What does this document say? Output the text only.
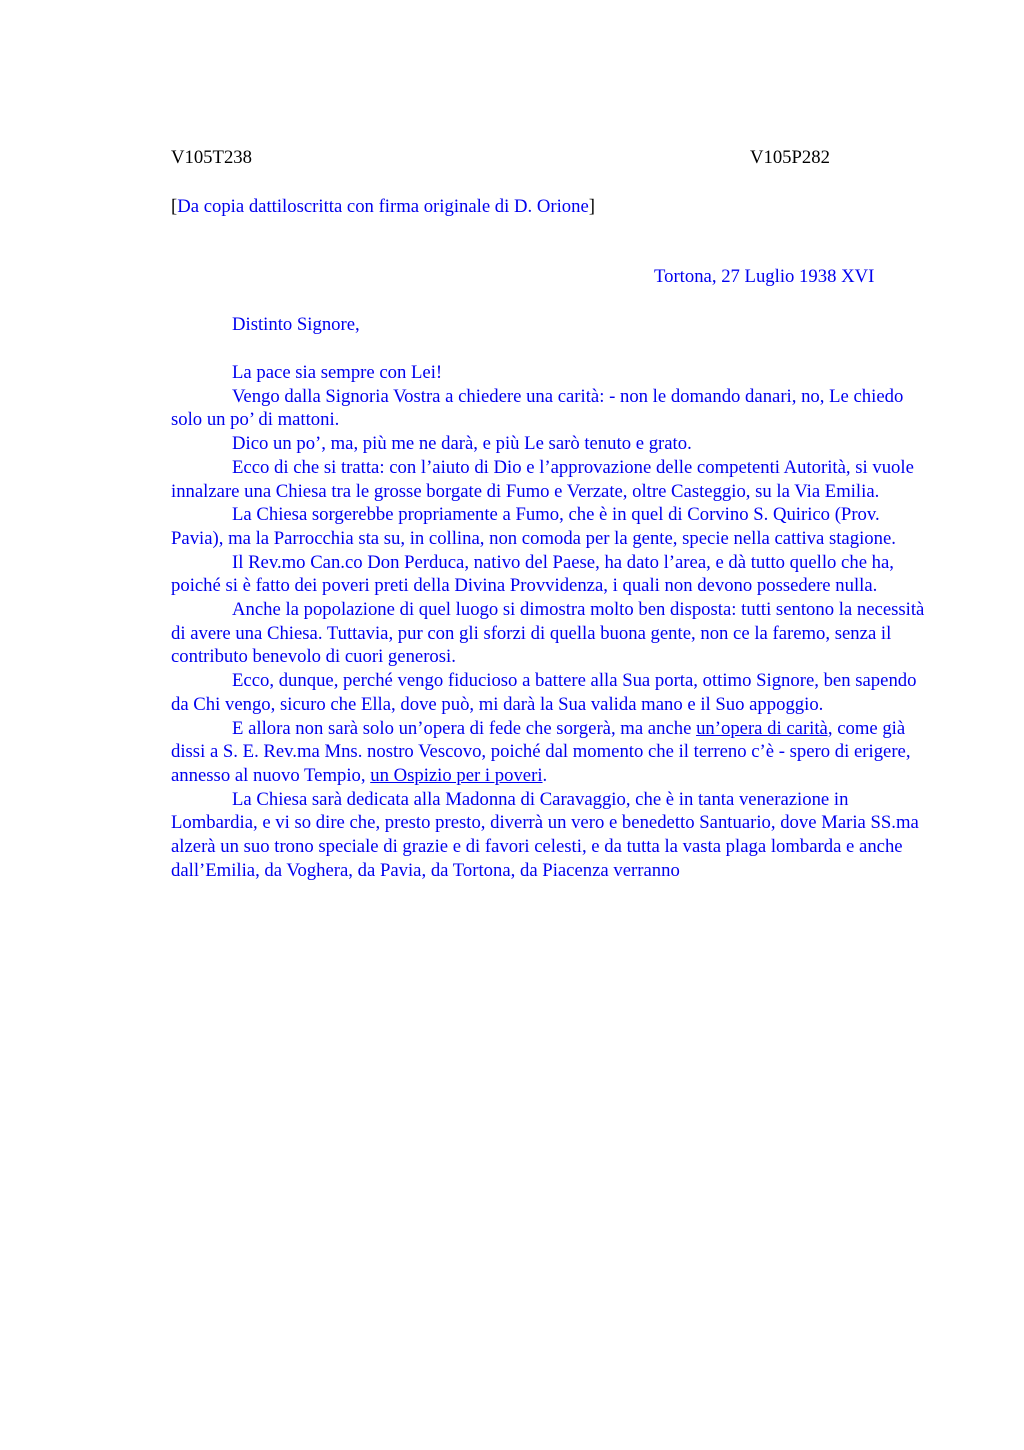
V105T238	V105P282
[Da copia dattiloscritta con firma originale di D. Orione]
Tortona, 27 Luglio 1938 XVI
Distinto Signore,

La pace sia sempre con Lei!

Vengo dalla Signoria Vostra a chiedere una carità: - non le domando danari, no, Le chiedo solo un po’ di mattoni.

Dico un po’, ma, più me ne darà, e più Le sarò tenuto e grato.

Ecco di che si tratta: con l’aiuto di Dio e l’approvazione delle competenti Autorità, si vuole innalzare una Chiesa tra le grosse borgate di Fumo e Verzate, oltre Casteggio, su la Via Emilia.

La Chiesa sorgerebbe propriamente a Fumo, che è in quel di Corvino S. Quirico (Prov. Pavia), ma la Parrocchia sta su, in collina, non comoda per la gente, specie nella cattiva stagione.

Il Rev.mo Can.co Don Perduca, nativo del Paese, ha dato l’area, e dà tutto quello che ha, poiché si è fatto dei poveri preti della Divina Provvidenza, i quali non devono possedere nulla.

Anche la popolazione di quel luogo si dimostra molto ben disposta: tutti sentono la necessità di avere una Chiesa. Tuttavia, pur con gli sforzi di quella buona gente, non ce la faremo, senza il contributo benevolo di cuori generosi.

Ecco, dunque, perché vengo fiducioso a battere alla Sua porta, ottimo Signore, ben sapendo da Chi vengo, sicuro che Ella, dove può, mi darà la Sua valida mano e il Suo appoggio.

E allora non sarà solo un’opera di fede che sorgerà, ma anche un’opera di carità, come già dissi a S. E. Rev.ma Mns. nostro Vescovo, poiché dal momento che il terreno c’è - spero di erigere, annesso al nuovo Tempio, un Ospizio per i poveri.

La Chiesa sarà dedicata alla Madonna di Caravaggio, che è in tanta venerazione in Lombardia, e vi so dire che, presto presto, diverrà un vero e benedetto Santuario, dove Maria SS.ma alzerà un suo trono speciale di grazie e di favori celesti, e da tutta la vasta plaga lombarda e anche dall’Emilia, da Voghera, da Pavia, da Tortona, da Piacenza verranno
